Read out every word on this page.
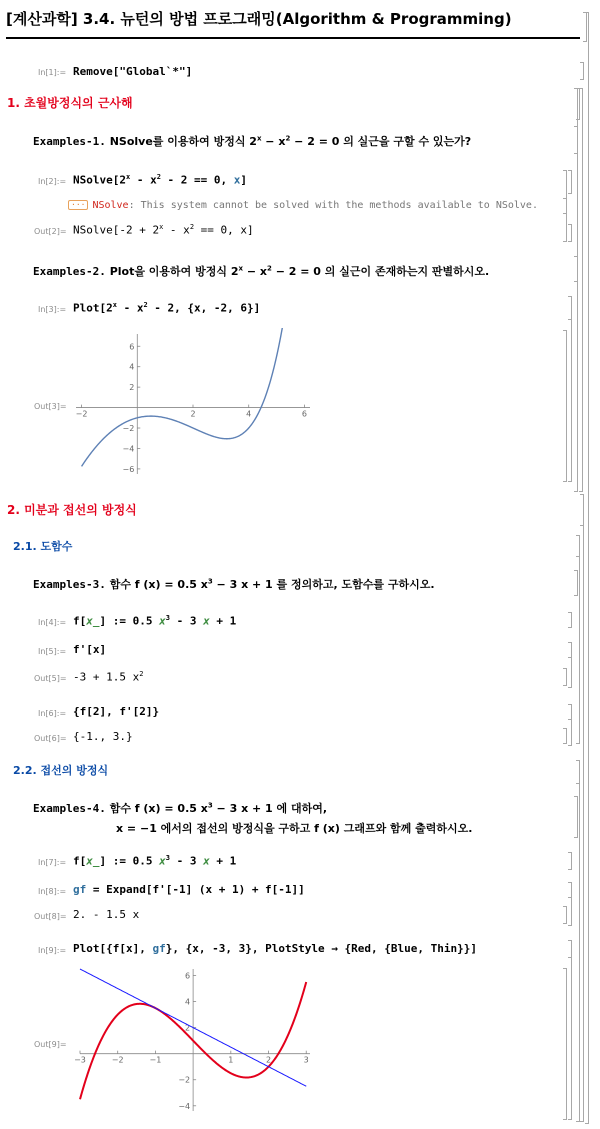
[계산과학] 3.4. 뉴턴의 방법 프로그래밍(Algorithm & Programming)
In[1]:= Remove["Global`*"]
1. 초월방정식의 근사해
Examples-1. NSolve를 이용하여 방정식 $2^x - x^2 - 2 = 0$ 의 실근을 구할 수 있는가?
In[2]:= $NSolve[2^x - x^2 - 2 == 0$, x]
··· NSolve: This system cannot be solved with the methods available to NSolve.
Out[2]= NSolve[-2 + $2^x - x^2 == 0$, x]
Examples-2. Plot을 이용하여 방정식 $2^x - x^2 - 2 = 0$ 의 실근이 존재하는지 판별하시오.
In[3]:= $Plot[2^x - x^2 - 2$, {x, -2, 6}]
Out[3]=
−2	2	4	6
−6
−4
−2
2
4
6
2. 미분과 접선의 방정식
2.1. 도함수
Examples-3. 함수 f (x) = 0.5 $x^3 - 3$ x + 1 를 정의하고, 도함수를 구하시오.
In[4]:= f[x_] := 0.5 $x^3 - 3$ x + 1
In[5]:= f'[x]
Out[5]= -3 + 1.5 $x^2$
In[6]:= {f[2], f'[2]}
Out[6]= {-1., 3.}
2.2. 접선의 방정식
Examples-4. 함수 f (x) = 0.5 $x^3 - 3$ x + 1 에 대하여,
x = −1 에서의 접선의 방정식을 구하고 f (x) 그래프와 함께 출력하시오.
In[7]:= f[x_] := 0.5 $x^3 - 3$ x + 1
In[8]:= gf = Expand[f'[-1] (x + 1) + f[-1]]
Out[8]= 2. - 1.5 x
In[9]:= Plot[{f[x], gf}, {x, -3, 3}, PlotStyle → {Red, {Blue, Thin}}]
Out[9]=
−3	−2	−1	1	2	3
−4
−2
2
4
6
